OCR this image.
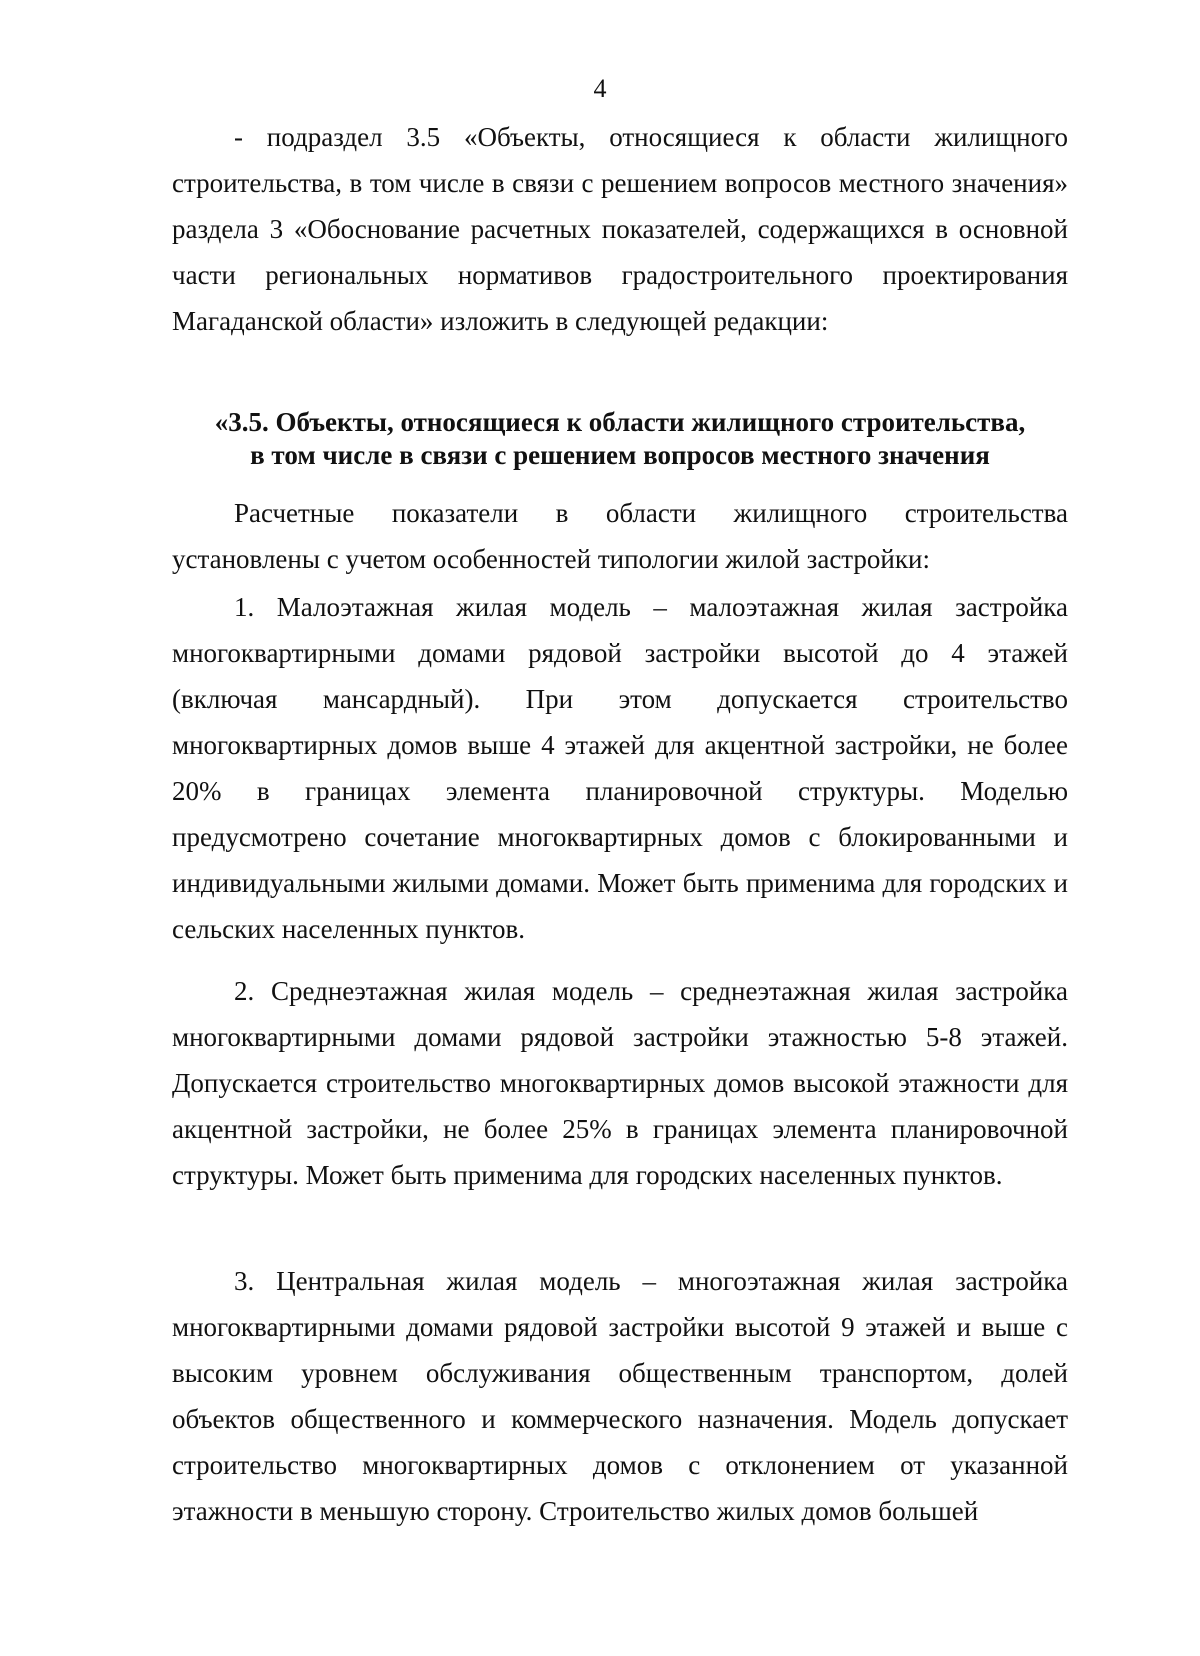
4

- подраздел 3.5 «Объекты, относящиеся к области жилищного строительства, в том числе в связи с решением вопросов местного значения» раздела 3 «Обоснование расчетных показателей, содержащихся в основной части региональных нормативов градостроительного проектирования Магаданской области» изложить в следующей редакции:

«3.5. Объекты, относящиеся к области жилищного строительства,
в том числе в связи с решением вопросов местного значения

Расчетные показатели в области жилищного строительства установлены с учетом особенностей типологии жилой застройки:

1. Малоэтажная жилая модель – малоэтажная жилая застройка многоквартирными домами рядовой застройки высотой до 4 этажей (включая мансардный). При этом допускается строительство многоквартирных домов выше 4 этажей для акцентной застройки, не более 20% в границах элемента планировочной структуры. Моделью предусмотрено сочетание многоквартирных домов с блокированными и индивидуальными жилыми домами. Может быть применима для городских и сельских населенных пунктов.

2. Среднеэтажная жилая модель – среднеэтажная жилая застройка многоквартирными домами рядовой застройки этажностью 5-8 этажей. Допускается строительство многоквартирных домов высокой этажности для акцентной застройки, не более 25% в границах элемента планировочной структуры. Может быть применима для городских населенных пунктов.

3. Центральная жилая модель – многоэтажная жилая застройка многоквартирными домами рядовой застройки высотой 9 этажей и выше с высоким уровнем обслуживания общественным транспортом, долей объектов общественного и коммерческого назначения. Модель допускает строительство многоквартирных домов с отклонением от указанной этажности в меньшую сторону. Строительство жилых домов большей
